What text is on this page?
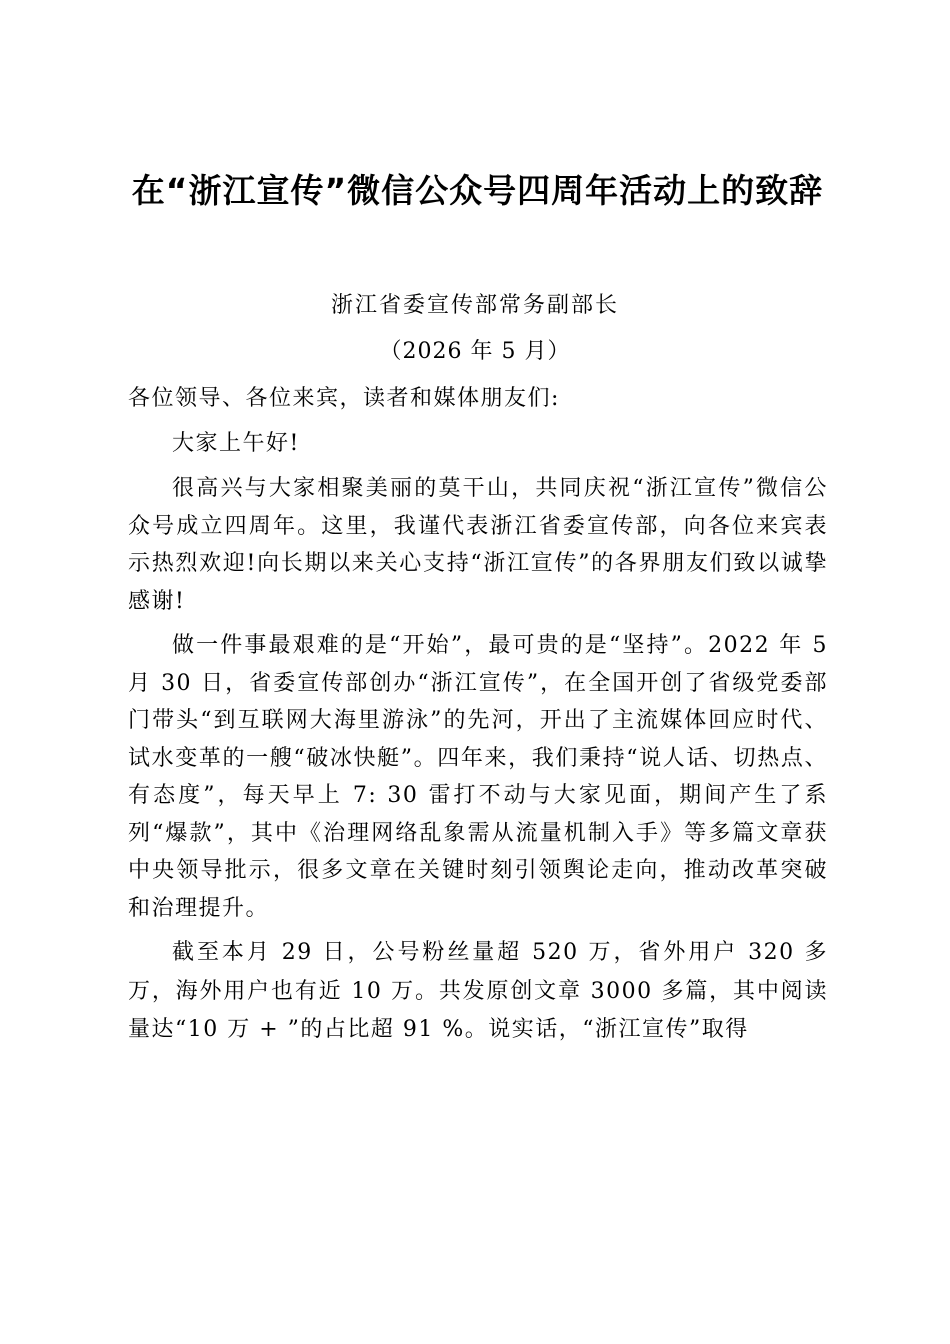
在“浙江宣传”微信公众号四周年活动上的致辞
浙江省委宣传部常务副部长
（2026 年 5 月）
各位领导、各位来宾，读者和媒体朋友们:

大家上午好!

很高兴与大家相聚美丽的莫干山，共同庆祝“浙江宣传”微信公众号成立四周年。这里，我谨代表浙江省委宣传部，向各位来宾表示热烈欢迎!向长期以来关心支持“浙江宣传”的各界朋友们致以诚挚感谢!

做一件事最艰难的是“开始”，最可贵的是“坚持”。2022 年 5 月 30 日，省委宣传部创办“浙江宣传”，在全国开创了省级党委部门带头“到互联网大海里游泳”的先河，开出了主流媒体回应时代、试水变革的一艘“破冰快艇”。四年来，我们秉持“说人话、切热点、有态度”，每天早上 7: 30 雷打不动与大家见面，期间产生了系列“爆款”，其中《治理网络乱象需从流量机制入手》等多篇文章获中央领导批示，很多文章在关键时刻引领舆论走向，推动改革突破和治理提升。

截至本月 29 日，公号粉丝量超 520 万，省外用户 320 多万，海外用户也有近 10 万。共发原创文章 3000 多篇，其中阅读量达“10 万 + ”的占比超 91 %。说实话，“浙江宣传”取得
